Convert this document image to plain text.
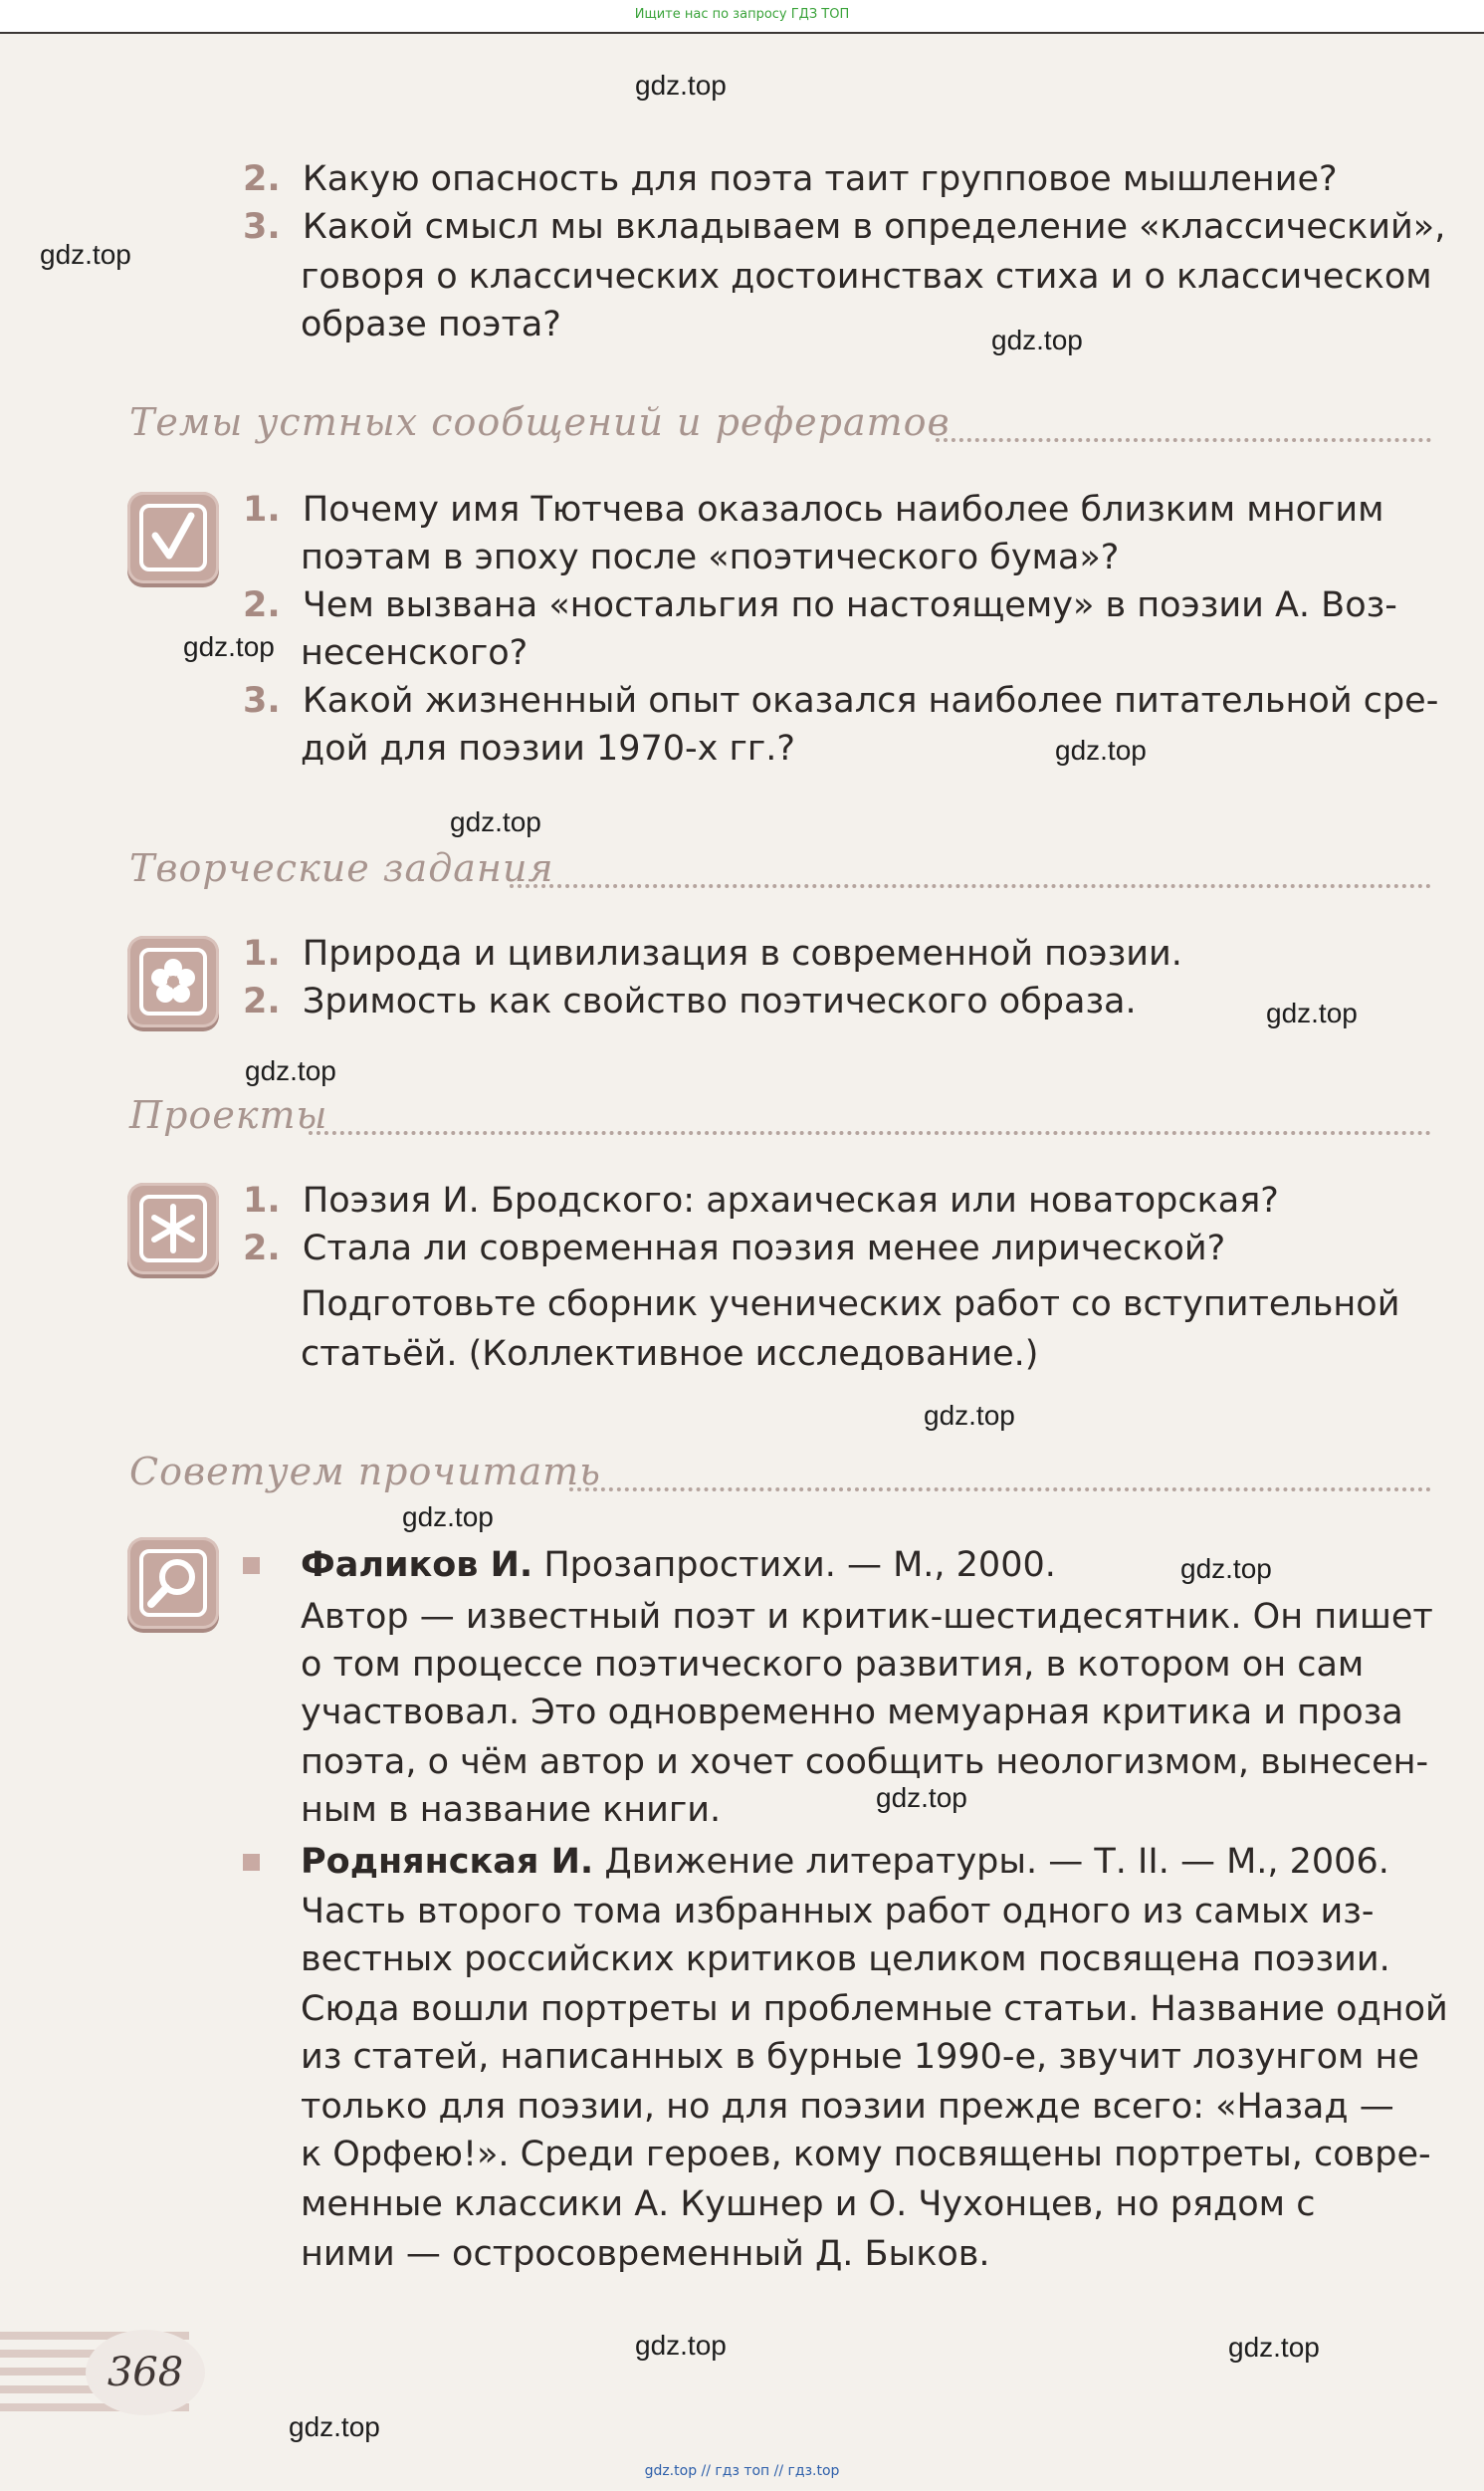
Ищите нас по запросу ГДЗ ТОП
gdz.top
gdz.top
gdz.top
gdz.top
gdz.top
gdz.top
gdz.top
gdz.top
gdz.top
gdz.top
gdz.top
gdz.top
gdz.top	gdz.top
gdz.top
2. Какую опасность для поэта таит групповое мышление?
3. Какой смысл мы вкладываем в определение «классический»,
говоря о классических достоинствах стиха и о классическом
образе поэта?
Темы устных сообщений и рефератов
1. Почему имя Тютчева оказалось наиболее близким многим
поэтам в эпоху после «поэтического бума»?
2. Чем вызвана «ностальгия по настоящему» в поэзии А. Воз-
несенского?
3. Какой жизненный опыт оказался наиболее питательной сре-
дой для поэзии 1970-х гг.?
Творческие задания
1. Природа и цивилизация в современной поэзии.
2. Зримость как свойство поэтического образа.
Проекты
1. Поэзия И. Бродского: архаическая или новаторская?
2. Стала ли современная поэзия менее лирической?
Подготовьте сборник ученических работ со вступительной
статьёй. (Коллективное исследование.)
Советуем прочитать
Фаликов И. Прозапростихи. — М., 2000.
Автор — известный поэт и критик-шестидесятник. Он пишет
о том процессе поэтического развития, в котором он сам
участвовал. Это одновременно мемуарная критика и проза
поэта, о чём автор и хочет сообщить неологизмом, вынесен-
ным в название книги.
Роднянская И. Движение литературы. — Т. II. — М., 2006.
Часть второго тома избранных работ одного из самых из-
вестных российских критиков целиком посвящена поэзии.
Сюда вошли портреты и проблемные статьи. Название одной
из статей, написанных в бурные 1990-е, звучит лозунгом не
только для поэзии, но для поэзии прежде всего: «Назад —
к Орфею!». Среди героев, кому посвящены портреты, совре-
менные классики А. Кушнер и О. Чухонцев, но рядом с
ними — остросовременный Д. Быков.
368
gdz.top // гдз топ // гдз.top
